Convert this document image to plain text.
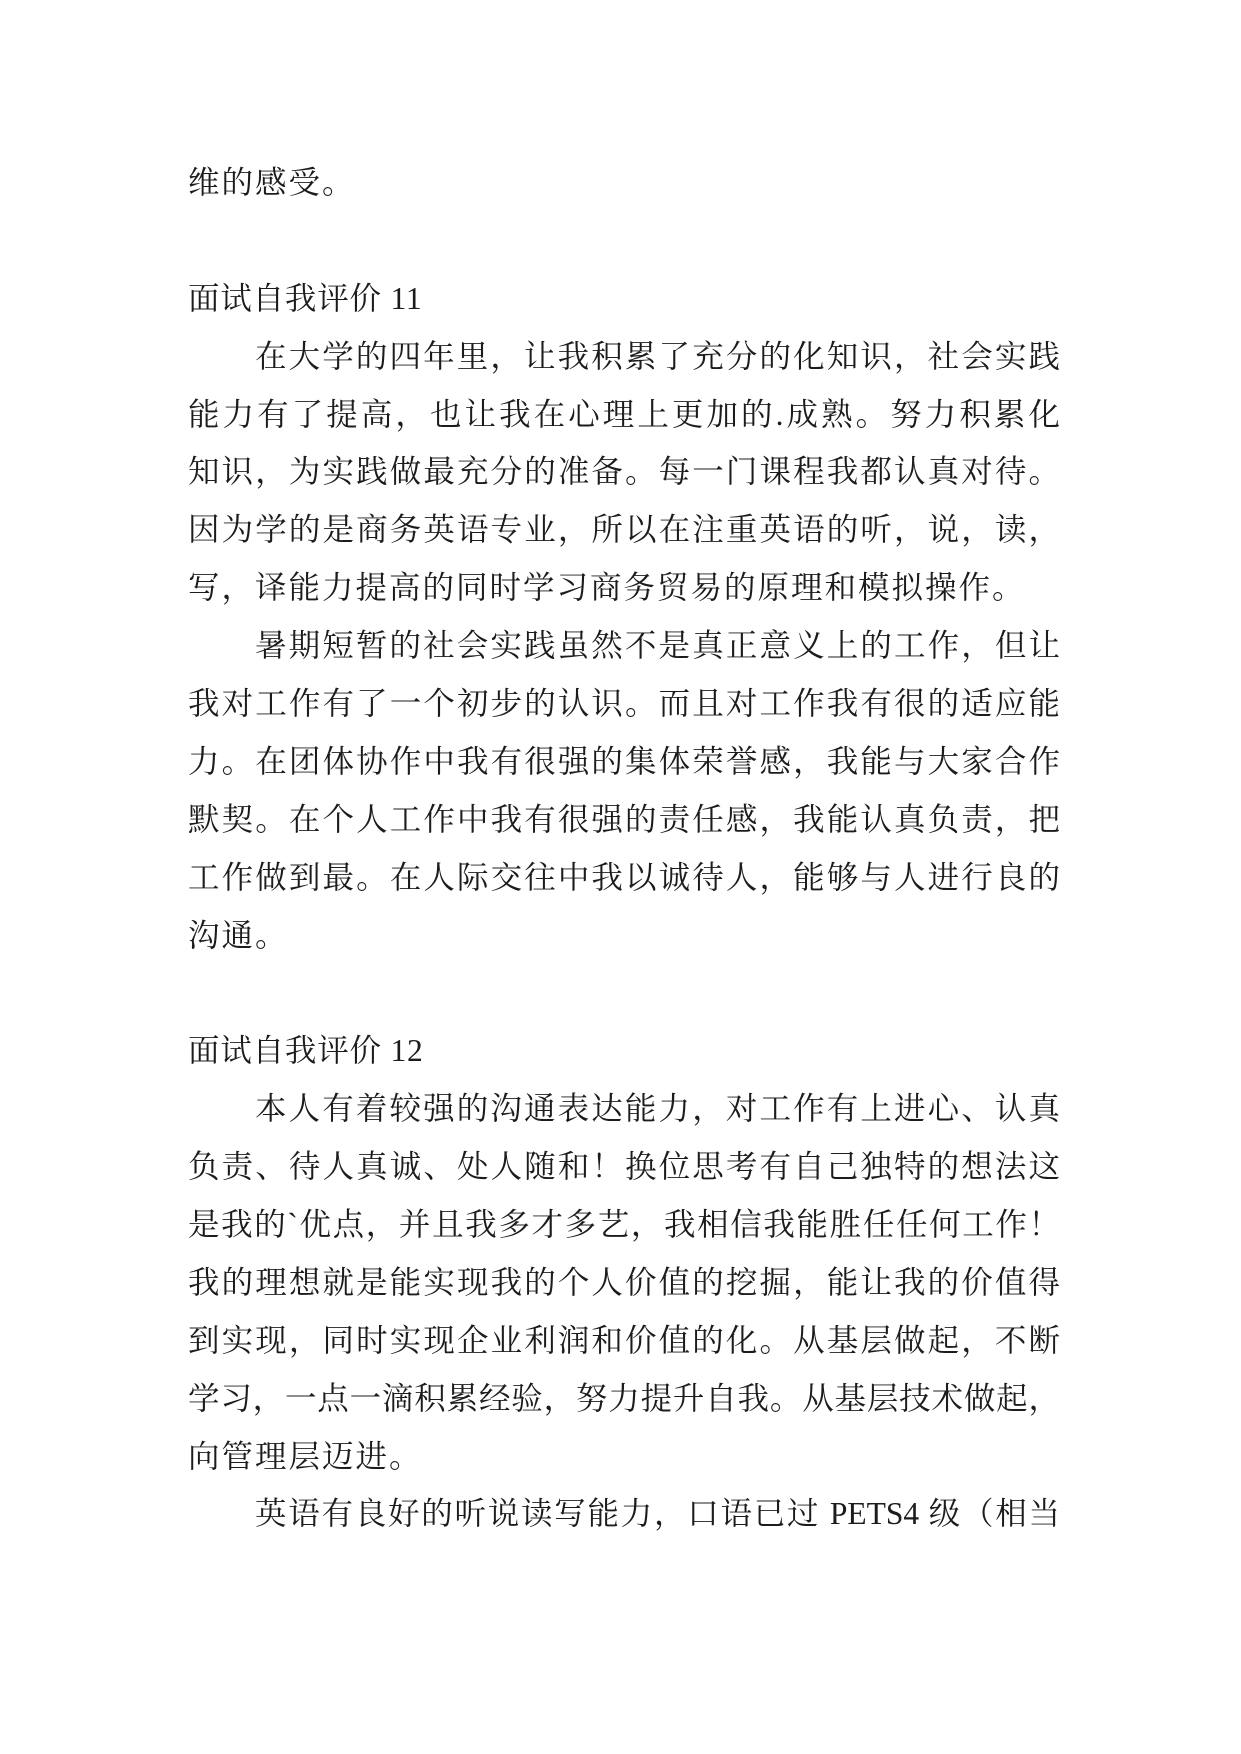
维的感受。
面试自我评价 11
在大学的四年里，让我积累了充分的化知识，社会实践
能力有了提高，也让我在心理上更加的.成熟。努力积累化
知识，为实践做最充分的准备。每一门课程我都认真对待。
因为学的是商务英语专业，所以在注重英语的听，说，读，
写，译能力提高的同时学习商务贸易的原理和模拟操作。
暑期短暂的社会实践虽然不是真正意义上的工作，但让
我对工作有了一个初步的认识。而且对工作我有很的适应能
力。在团体协作中我有很强的集体荣誉感，我能与大家合作
默契。在个人工作中我有很强的责任感，我能认真负责，把
工作做到最。在人际交往中我以诚待人，能够与人进行良的
沟通。
面试自我评价 12
本人有着较强的沟通表达能力，对工作有上进心、认真
负责、待人真诚、处人随和！换位思考有自己独特的想法这
是我的`优点，并且我多才多艺，我相信我能胜任任何工作！
我的理想就是能实现我的个人价值的挖掘，能让我的价值得
到实现，同时实现企业利润和价值的化。从基层做起，不断
学习，一点一滴积累经验，努力提升自我。从基层技术做起，
向管理层迈进。
英语有良好的听说读写能力，口语已过 PETS4 级（相当
